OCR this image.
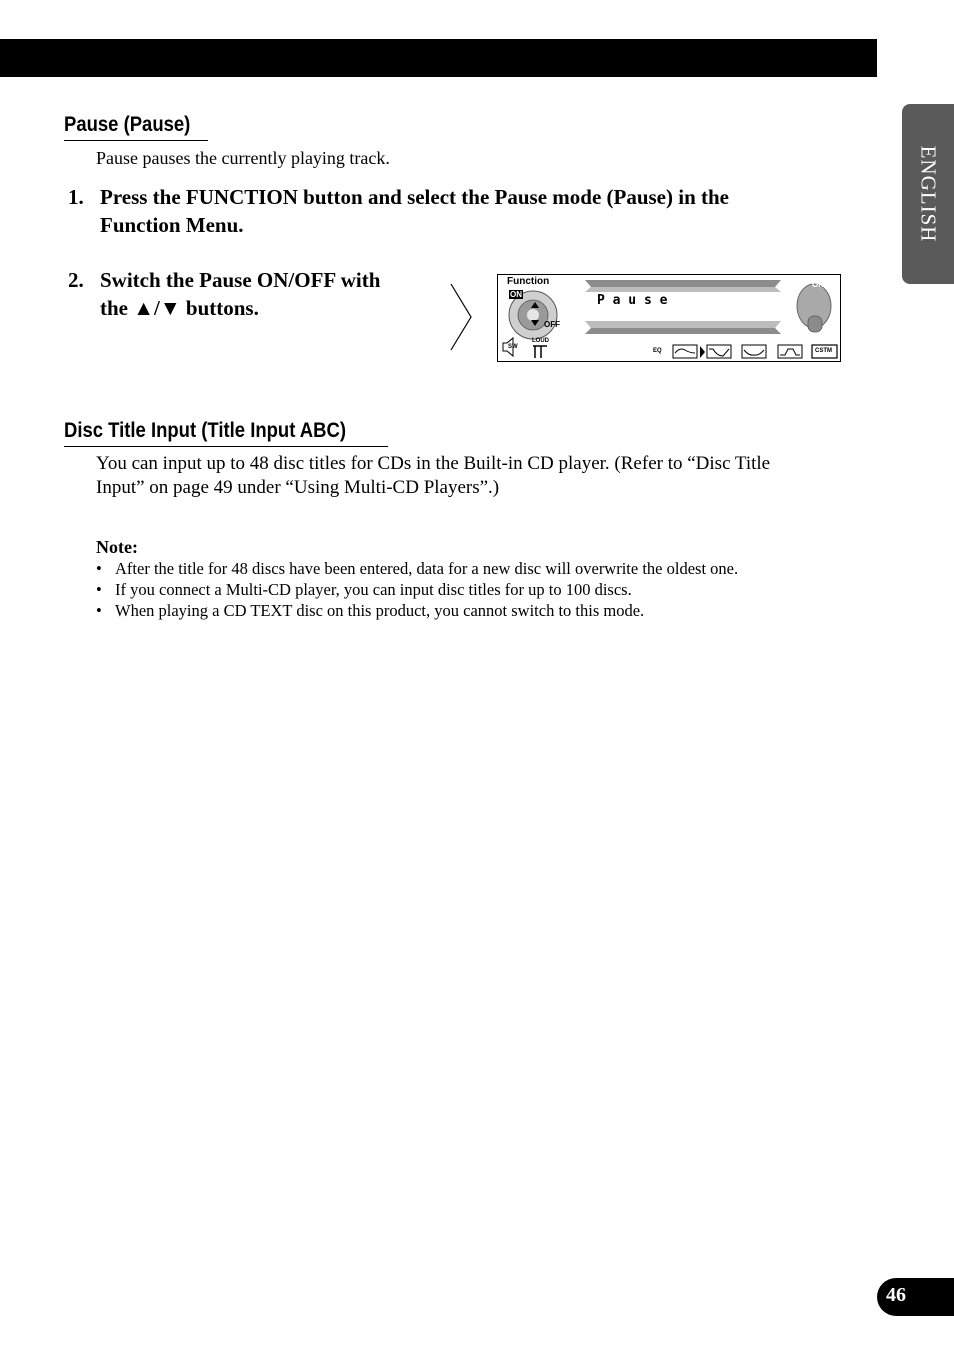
ENGLISH
Pause (Pause)
Pause pauses the currently playing track.
1. Press the FUNCTION button and select the Pause mode (Pause) in the
Function Menu.
2. Switch the Pause ON/OFF with
the ▲/▼ buttons.
Function
ON
OFF
P a u s e
ON
SW
LOUD
EQ	CSTM
Disc Title Input (Title Input ABC)
You can input up to 48 disc titles for CDs in the Built-in CD player. (Refer to “Disc Title
Input” on page 49 under “Using Multi-CD Players”.)
Note:
• After the title for 48 discs have been entered, data for a new disc will overwrite the oldest one.
• If you connect a Multi-CD player, you can input disc titles for up to 100 discs.
• When playing a CD TEXT disc on this product, you cannot switch to this mode.
46
